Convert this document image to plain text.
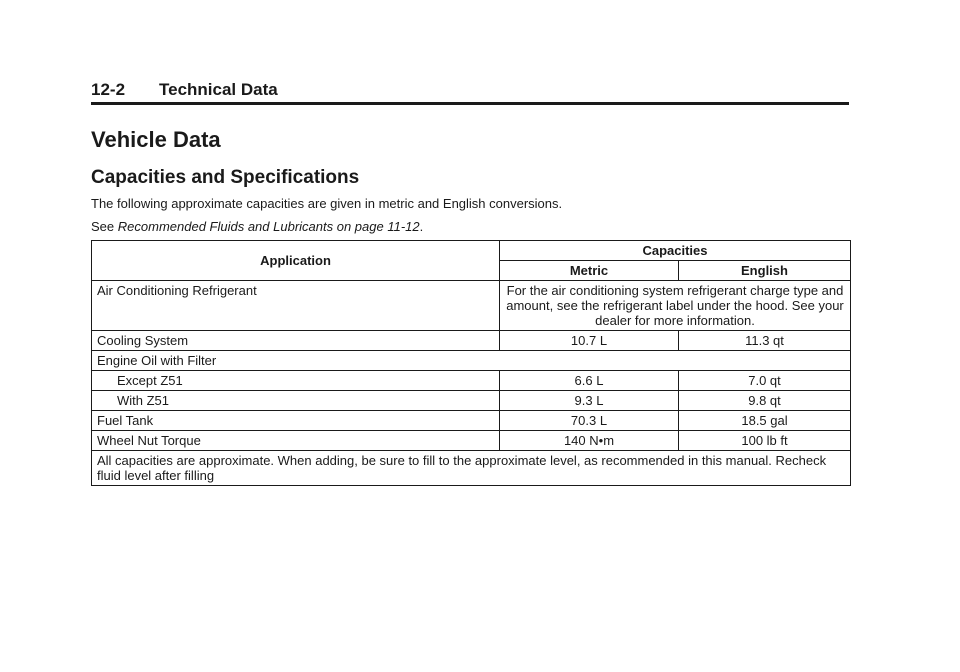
12-2 Technical Data
Vehicle Data
Capacities and Specifications
The following approximate capacities are given in metric and English conversions.
See Recommended Fluids and Lubricants on page 11-12.
Application	Capacities	
	Metric	English
Air Conditioning Refrigerant	For the air conditioning system refrigerant charge type and amount, see the refrigerant label under the hood. See your dealer for more information.	
Cooling System	10.7 L	11.3 qt
Engine Oil with Filter		
Except Z51	6.6 L	7.0 qt
With Z51	9.3 L	9.8 qt
Fuel Tank	70.3 L	18.5 gal
Wheel Nut Torque	140 N•m	100 lb ft
All capacities are approximate. When adding, be sure to fill to the approximate level, as recommended in this manual. Recheck fluid level after filling		
